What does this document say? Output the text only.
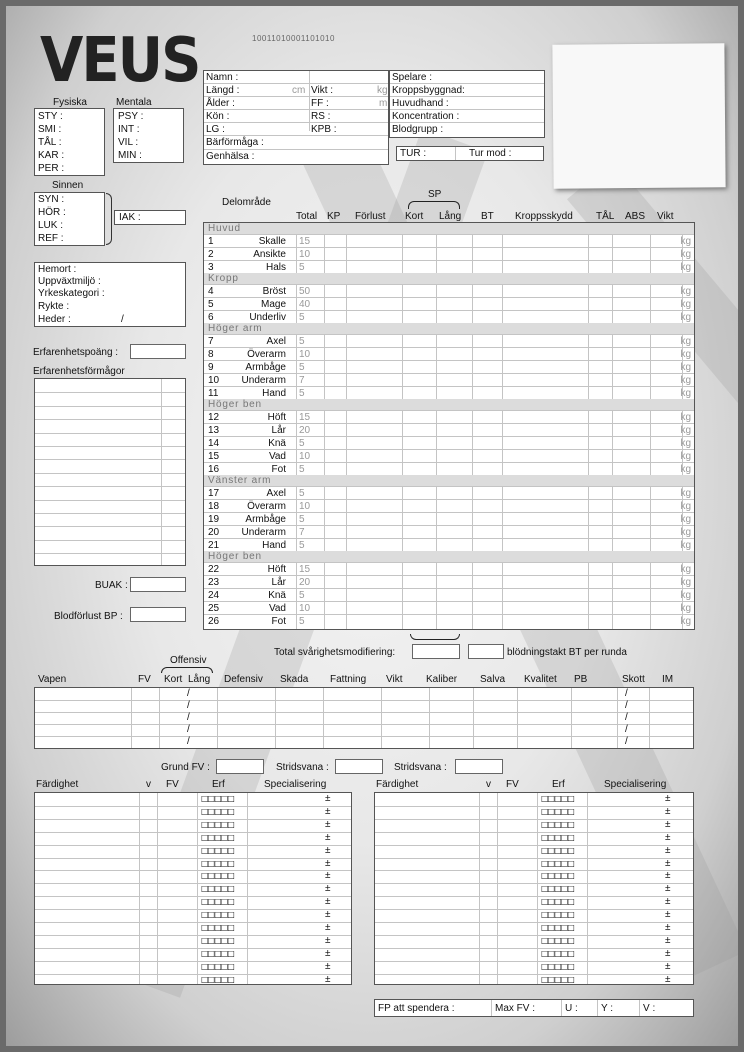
VEUS	10011010001101010
Fysiska	Mentala
STY :
SMI :
TÅL :
KAR :
PER :
PSY :
INT :
VIL :
MIN :
Sinnen
SYN :
HÖR :
LUK :
REF :
IAK :
Hemort :
Uppväxtmiljö :
Yrkeskategori :
Rykte :
Heder :	/
Erfarenhetspoäng :
Erfarenhetsförmågor
BUAK :
Blodförlust BP :
Namn :
Längd :	cm
Ålder :
Kön :
LG :
Bärförmåga :
Genhälsa :
Vikt :	kg
FF :	m
RS :
KPB :
Spelare :
Kroppsbyggnad:
Huvudhand :
Koncentration :
Blodgrupp :
TUR :	Tur mod :
Delområde
SP
Total KP Förlust Kort Lång BT Kroppsskydd TÅL ABS Vikt
Huvud
1	Skalle 15	kg
2	Ansikte 10	kg
3	Hals 5	kg
Kropp
4	Bröst 50	kg
5	Mage 40	kg
6	Underliv 5	kg
Höger arm
7	Axel 5	kg
8	Överarm 10	kg
9	Armbåge 5	kg
10 Underarm 7	kg
11	Hand 5	kg
Höger ben
12	Höft 15	kg
13	Lår 20	kg
14	Knä 5	kg
15	Vad 10	kg
16	Fot 5	kg
Vänster arm
17	Axel 5	kg
18	Överarm 10	kg
19	Armbåge 5	kg
20 Underarm 7	kg
21	Hand 5	kg
Höger ben
22	Höft 15	kg
23	Lår 20	kg
24	Knä 5	kg
25	Vad 10	kg
26	Fot 5	kg
Total svårighetsmodifiering:	blödningstakt BT per runda
Offensiv
Vapen	FV Kort Lång Defensiv Skada Fattning Vikt Kaliber Salva Kvalitet PB	Skott IM
/	/
/	/
/	/
/	/
/	/
Grund FV :	Stridsvana :	Stridsvana :
Färdighet	v FV	Erf	Specialisering
□□□□□	±
□□□□□	±
□□□□□	±
□□□□□	±
□□□□□	±
□□□□□	±
□□□□□	±
□□□□□	±
□□□□□	±
□□□□□	±
□□□□□	±
□□□□□	±
□□□□□	±
□□□□□	±
□□□□□	±
Färdighet	v FV	Erf	Specialisering
□□□□□	±
□□□□□	±
□□□□□	±
□□□□□	±
□□□□□	±
□□□□□	±
□□□□□	±
□□□□□	±
□□□□□	±
□□□□□	±
□□□□□	±
□□□□□	±
□□□□□	±
□□□□□	±
□□□□□	±
FP att spendera :	Max FV :	U : Y :	V :
